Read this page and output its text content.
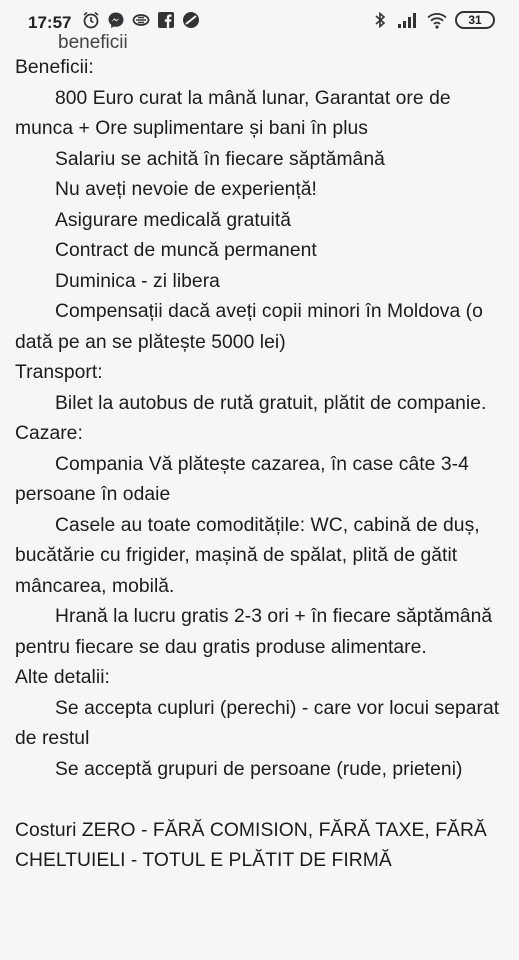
17:57	31
beneficii

Beneficii:

800 Euro curat la mână lunar, Garantat ore de munca + Ore suplimentare și bani în plus

Salariu se achită în fiecare săptămână

Nu aveți nevoie de experiență!

Asigurare medicală gratuită

Contract de muncă permanent

Duminica - zi libera

Compensații dacă aveți copii minori în Moldova (o dată pe an se plătește 5000 lei)

Transport:

Bilet la autobus de rută gratuit, plătit de companie.

Cazare:

Compania Vă plătește cazarea, în case câte 3-4 persoane în odaie

Casele au toate comoditățile: WC, cabină de duș, bucătărie cu frigider, mașină de spălat, plită de gătit mâncarea, mobilă.

Hrană la lucru gratis 2-3 ori + în fiecare săptămână pentru fiecare se dau gratis produse alimentare.

Alte detalii:

Se accepta cupluri (perechi) - care vor locui separat de restul

Se acceptă grupuri de persoane (rude, prieteni)

Costuri ZERO - FĂRĂ COMISION, FĂRĂ TAXE, FĂRĂ CHELTUIELI - TOTUL E PLĂTIT DE FIRMĂ
